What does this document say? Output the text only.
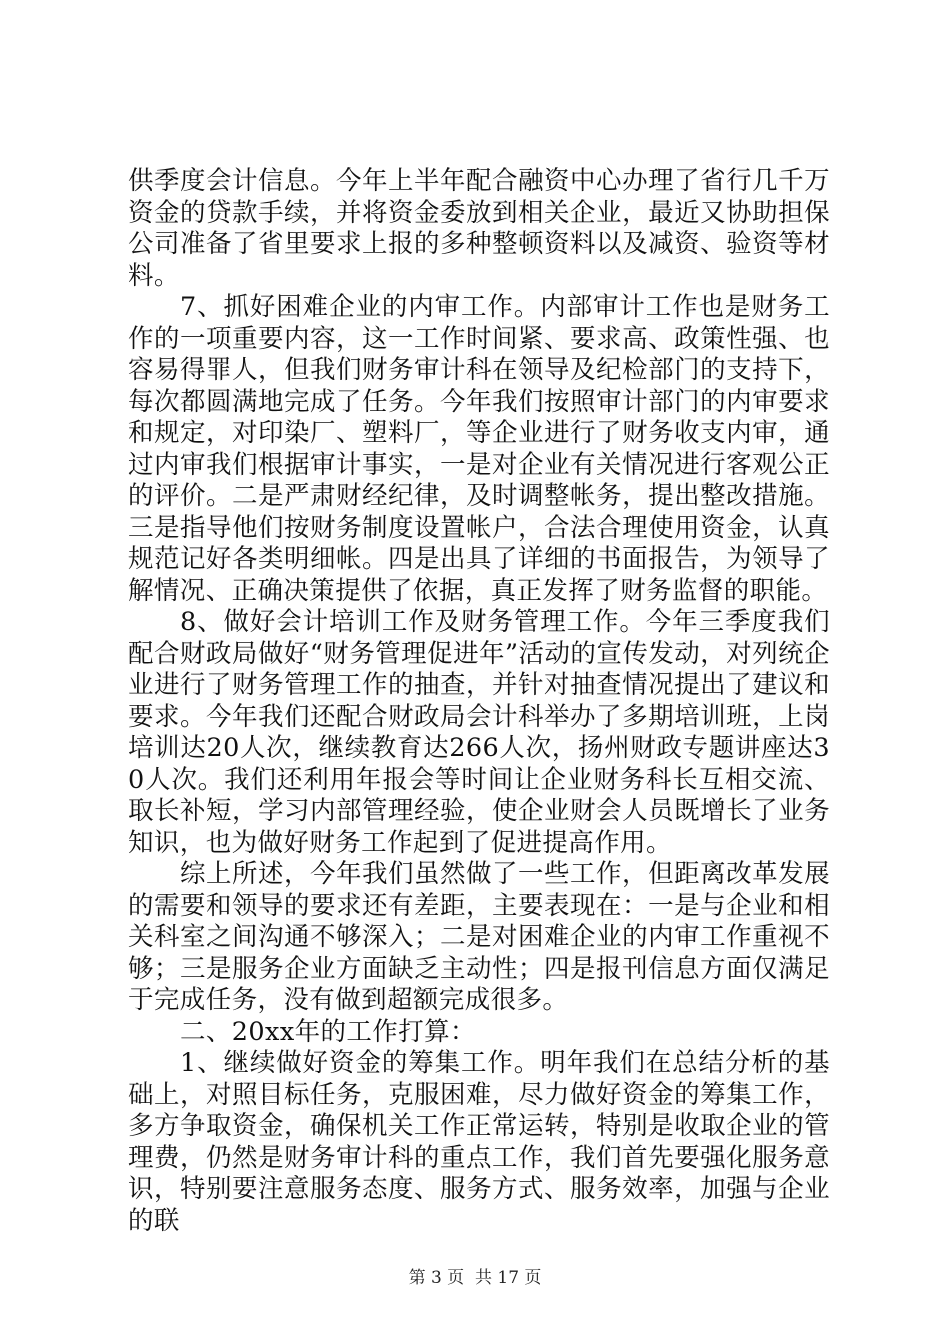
供季度会计信息。今年上半年配合融资中心办理了省行几千万资金的贷款手续，并将资金委放到相关企业，最近又协助担保公司准备了省里要求上报的多种整顿资料以及减资、验资等材料。

7、抓好困难企业的内审工作。内部审计工作也是财务工作的一项重要内容，这一工作时间紧、要求高、政策性强、也容易得罪人，但我们财务审计科在领导及纪检部门的支持下，每次都圆满地完成了任务。今年我们按照审计部门的内审要求和规定，对印染厂、塑料厂，等企业进行了财务收支内审，通过内审我们根据审计事实，一是对企业有关情况进行客观公正的评价。二是严肃财经纪律，及时调整帐务，提出整改措施。三是指导他们按财务制度设置帐户，合法合理使用资金，认真规范记好各类明细帐。四是出具了详细的书面报告，为领导了解情况、正确决策提供了依据，真正发挥了财务监督的职能。

8、做好会计培训工作及财务管理工作。今年三季度我们配合财政局做好“财务管理促进年”活动的宣传发动，对列统企业进行了财务管理工作的抽查，并针对抽查情况提出了建议和要求。今年我们还配合财政局会计科举办了多期培训班，上岗培训达20人次，继续教育达266人次，扬州财政专题讲座达30人次。我们还利用年报会等时间让企业财务科长互相交流、取长补短，学习内部管理经验，使企业财会人员既增长了业务知识，也为做好财务工作起到了促进提高作用。

综上所述，今年我们虽然做了一些工作，但距离改革发展的需要和领导的要求还有差距，主要表现在：一是与企业和相关科室之间沟通不够深入；二是对困难企业的内审工作重视不够；三是服务企业方面缺乏主动性；四是报刊信息方面仅满足于完成任务，没有做到超额完成很多。

二、20xx年的工作打算：

1、继续做好资金的筹集工作。明年我们在总结分析的基础上，对照目标任务，克服困难，尽力做好资金的筹集工作，多方争取资金，确保机关工作正常运转，特别是收取企业的管理费，仍然是财务审计科的重点工作，我们首先要强化服务意识，特别要注意服务态度、服务方式、服务效率，加强与企业的联

第 3 页  共 17 页
